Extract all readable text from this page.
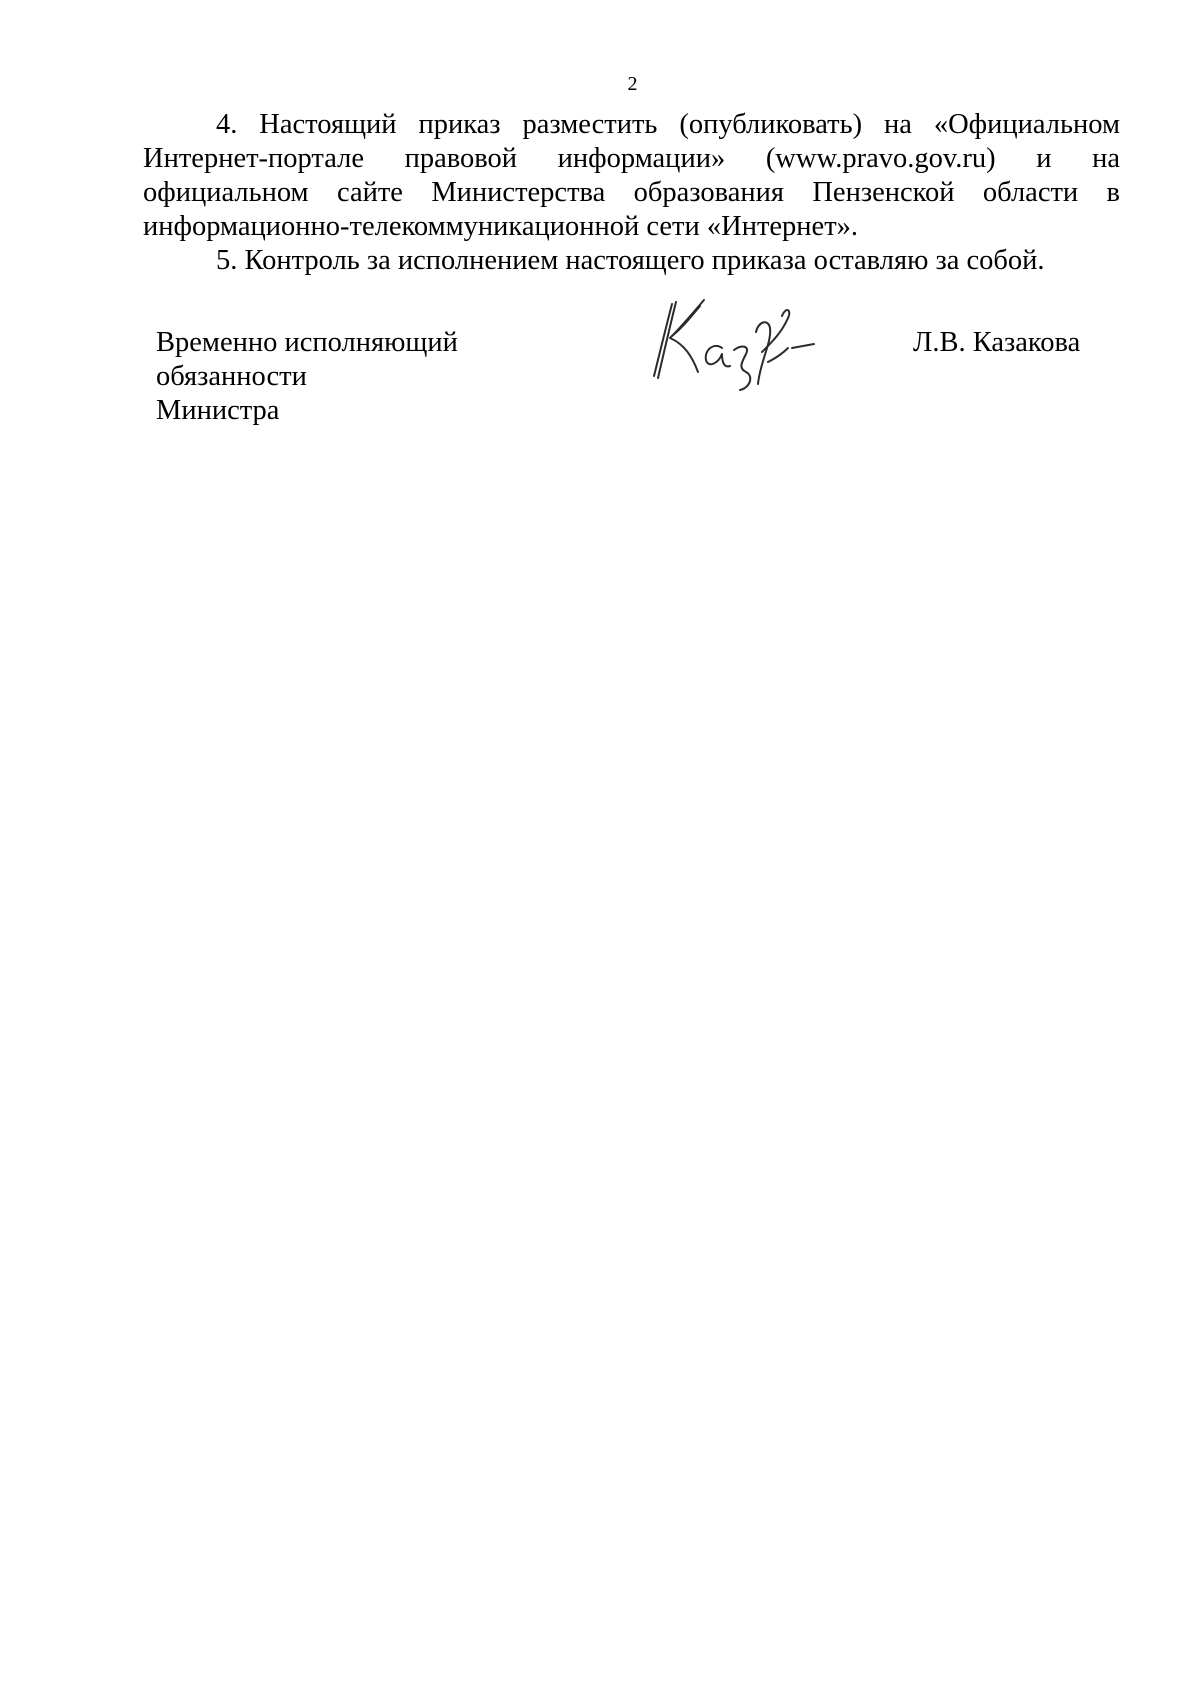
2

4. Настоящий приказ разместить (опубликовать) на «Официальном Интернет-портале правовой информации» (www.pravo.gov.ru) и на официальном сайте Министерства образования Пензенской области в информационно-телекоммуникационной сети «Интернет».

5. Контроль за исполнением настоящего приказа оставляю за собой.

Временно исполняющий
обязанности
Министра
Л.В. Казакова
